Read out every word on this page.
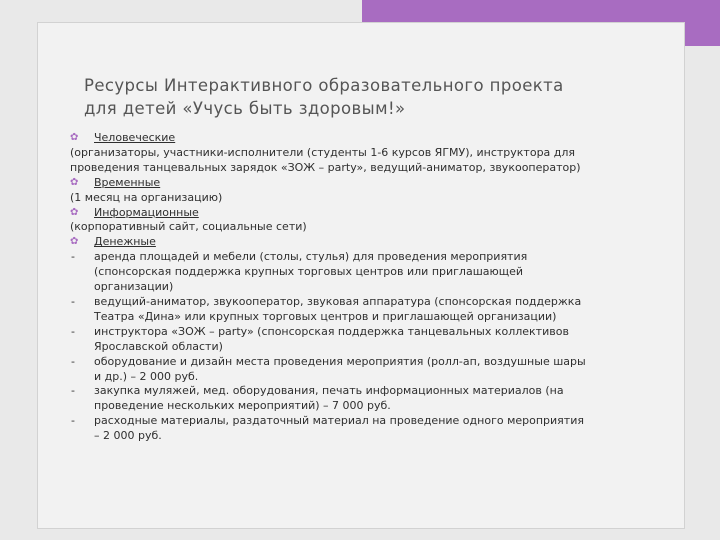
Ресурсы Интерактивного образовательного проекта
для детей «Учусь быть здоровым!»
✿ Человеческие
(организаторы, участники-исполнители (студенты 1-6 курсов ЯГМУ), инструктора для
проведения танцевальных зарядок «ЗОЖ – party», ведущий-аниматор, звукооператор)
✿ Временные
(1 месяц на организацию)
✿ Информационные
(корпоративный сайт, социальные сети)
✿ Денежные
- аренда площадей и мебели (столы, стулья) для проведения мероприятия
(спонсорская поддержка крупных торговых центров или приглашающей
организации)
- ведущий-аниматор, звукооператор, звуковая аппаратура (спонсорская поддержка
Театра «Дина» или крупных торговых центров и приглашающей организации)
- инструктора «ЗОЖ – party» (спонсорская поддержка танцевальных коллективов
Ярославской области)
- оборудование и дизайн места проведения мероприятия (ролл-ап, воздушные шары
и др.) – 2 000 руб.
- закупка муляжей, мед. оборудования, печать информационных материалов (на
проведение нескольких мероприятий) – 7 000 руб.
- расходные материалы, раздаточный материал на проведение одного мероприятия
– 2 000 руб.
